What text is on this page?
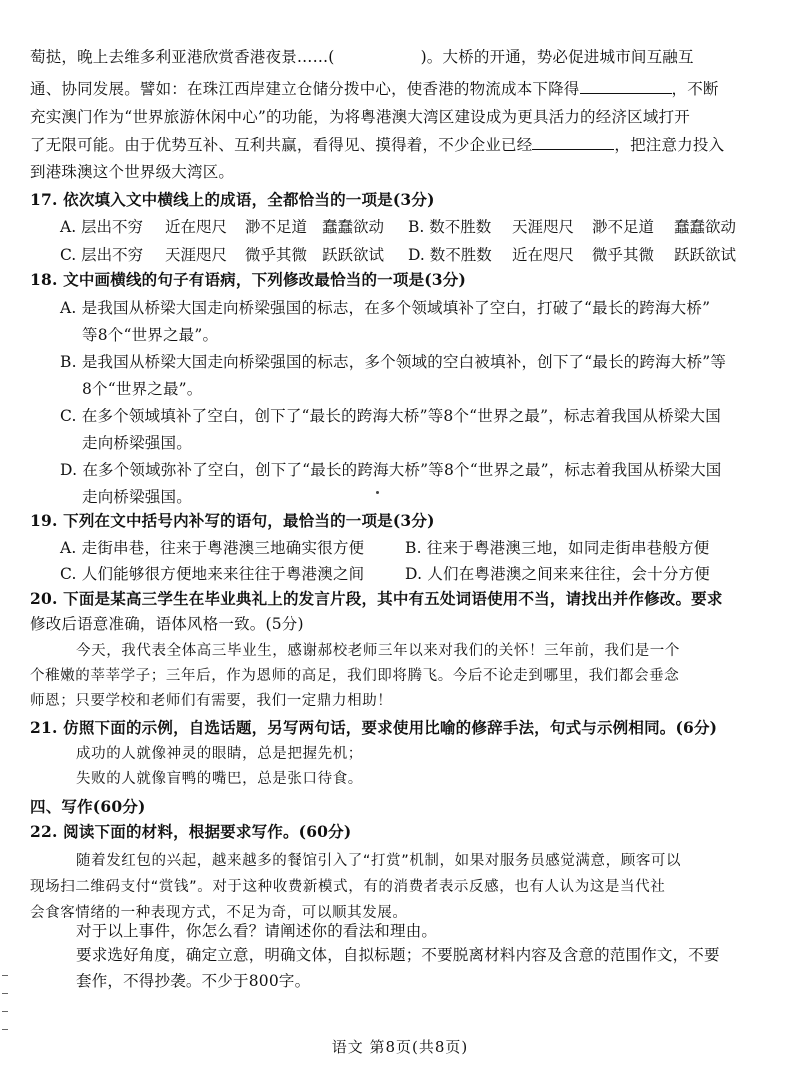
萄挞，晚上去维多利亚港欣赏香港夜景……(	)。大桥的开通，势必促进城市间互融互
通、协同发展。譬如：在珠江西岸建立仓储分拨中心，使香港的物流成本下降得	，不断
充实澳门作为“世界旅游休闲中心”的功能，为将粤港澳大湾区建设成为更具活力的经济区域打开
了无限可能。由于优势互补、互利共赢，看得见、摸得着，不少企业已经	，把注意力投入
到港珠澳这个世界级大湾区。
17. 依次填入文中横线上的成语，全都恰当的一项是(3分)
A. 层出不穷 近在咫尺 渺不足道 蠢蠢欲动 B. 数不胜数 天涯咫尺 渺不足道 蠢蠢欲动
C. 层出不穷 天涯咫尺 微乎其微 跃跃欲试 D. 数不胜数 近在咫尺 微乎其微 跃跃欲试
18. 文中画横线的句子有语病，下列修改最恰当的一项是(3分)
A. 是我国从桥梁大国走向桥梁强国的标志，在多个领域填补了空白，打破了“最长的跨海大桥”
等8个“世界之最”。
B. 是我国从桥梁大国走向桥梁强国的标志，多个领域的空白被填补，创下了“最长的跨海大桥”等
8个“世界之最”。
C. 在多个领域填补了空白，创下了“最长的跨海大桥”等8个“世界之最”，标志着我国从桥梁大国
走向桥梁强国。
D. 在多个领域弥补了空白，创下了“最长的跨海大桥”等8个“世界之最”，标志着我国从桥梁大国
走向桥梁强国。
19. 下列在文中括号内补写的语句，最恰当的一项是(3分)
A. 走街串巷，往来于粤港澳三地确实很方便	B. 往来于粤港澳三地，如同走街串巷般方便
C. 人们能够很方便地来来往往于粤港澳之间	D. 人们在粤港澳之间来来往往，会十分方便
20. 下面是某高三学生在毕业典礼上的发言片段，其中有五处词语使用不当，请找出并作修改。要求
修改后语意准确，语体风格一致。(5分)
今天，我代表全体高三毕业生，感谢郝校老师三年以来对我们的关怀！三年前，我们是一个
个稚嫩的莘莘学子；三年后，作为恩师的高足，我们即将腾飞。今后不论走到哪里，我们都会垂念
师恩；只要学校和老师们有需要，我们一定鼎力相助！
21. 仿照下面的示例，自选话题，另写两句话，要求使用比喻的修辞手法，句式与示例相同。(6分)
成功的人就像神灵的眼睛，总是把握先机；
失败的人就像盲鸭的嘴巴，总是张口待食。
四、写作(60分)
22. 阅读下面的材料，根据要求写作。(60分)
随着发红包的兴起，越来越多的餐馆引入了“打赏”机制，如果对服务员感觉满意，顾客可以
现场扫二维码支付“赏钱”。对于这种收费新模式，有的消费者表示反感，也有人认为这是当代社
会食客情绪的一种表现方式，不足为奇，可以顺其发展。
对于以上事件，你怎么看？请阐述你的看法和理由。
要求选好角度，确定立意，明确文体，自拟标题；不要脱离材料内容及含意的范围作文，不要
套作，不得抄袭。不少于800字。
语文 第8页(共8页)
